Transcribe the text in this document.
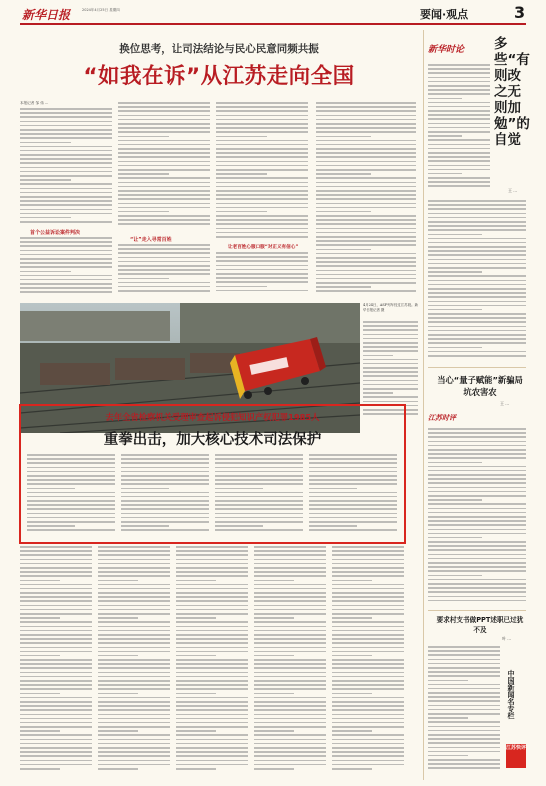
新华日报	2024年4月25日 星期四	要闻·观点	3
换位思考，让司法结论与民心民意同频共振
“如我在诉”从江苏走向全国
本报记者 邹 伟 ...
首个公益诉讼案件判决
“让”走入寻常百姓
让老百姓心服口服“对正义有信心”
4月24日，ASF列车经过江苏段。新华日报记者 摄
去年全省检察机关受理审查起诉侵犯知识产权犯罪1985人
重拳出击，加大核心技术司法保护
新华时论 多些“有则改之无则加勉”的自觉
王 ...
当心“量子赋能”新骗局坑农害农
王 ...
江苏时评
要求村支书做PPT述职已过犹不及
叶 ...
中国新闻名专栏
江苏快评
